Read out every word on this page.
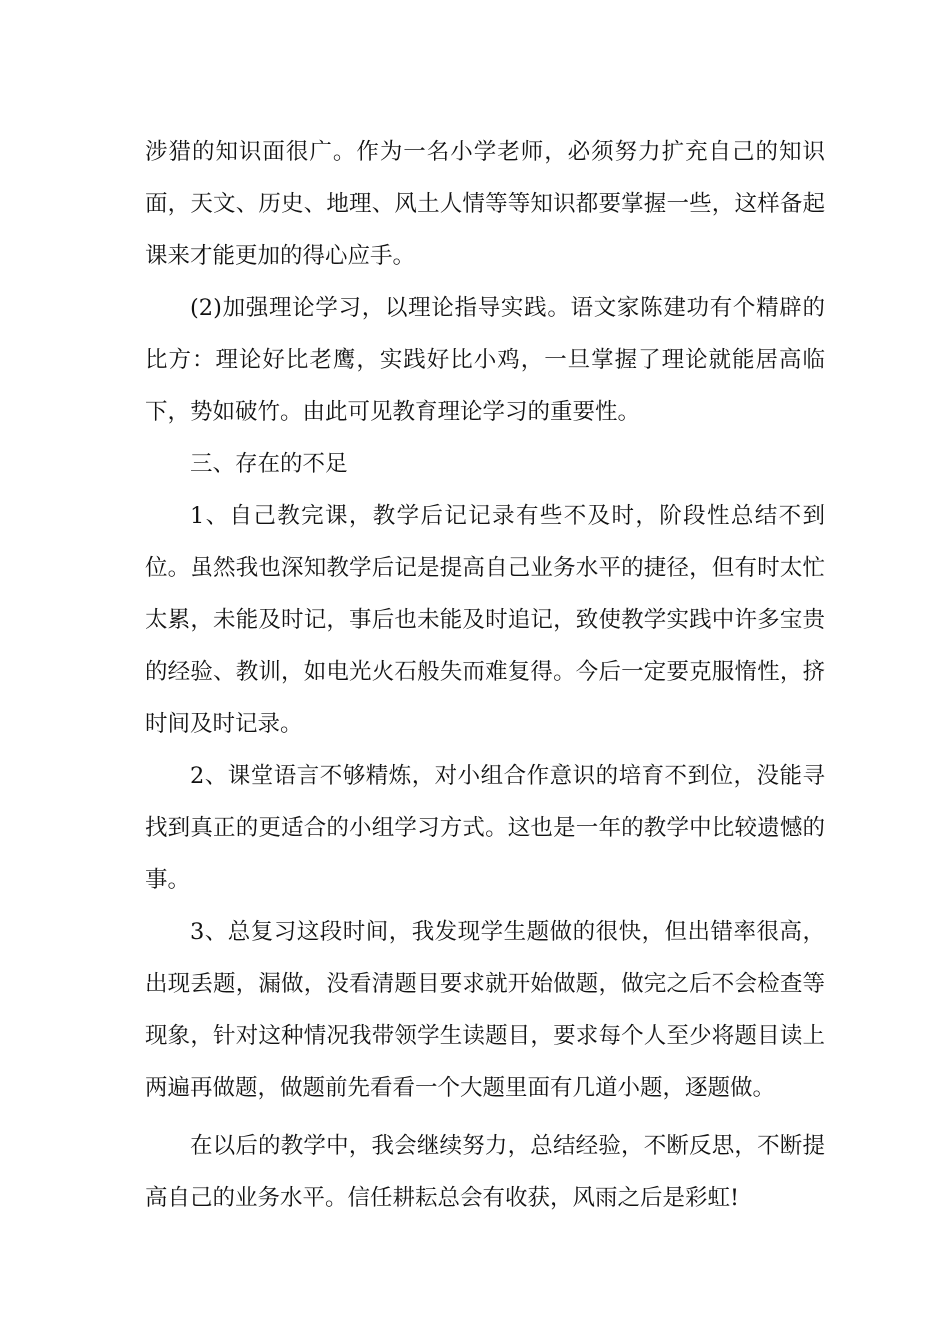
涉猎的知识面很广。作为一名小学老师，必须努力扩充自己的知识面，天文、历史、地理、风土人情等等知识都要掌握一些，这样备起课来才能更加的得心应手。

(2)加强理论学习，以理论指导实践。语文家陈建功有个精辟的比方：理论好比老鹰，实践好比小鸡，一旦掌握了理论就能居高临下，势如破竹。由此可见教育理论学习的重要性。

三、存在的不足

1、自己教完课，教学后记记录有些不及时，阶段性总结不到位。虽然我也深知教学后记是提高自己业务水平的捷径，但有时太忙太累，未能及时记，事后也未能及时追记，致使教学实践中许多宝贵的经验、教训，如电光火石般失而难复得。今后一定要克服惰性，挤时间及时记录。

2、课堂语言不够精炼，对小组合作意识的培育不到位，没能寻找到真正的更适合的小组学习方式。这也是一年的教学中比较遗憾的事。

3、总复习这段时间，我发现学生题做的很快，但出错率很高，出现丢题，漏做，没看清题目要求就开始做题，做完之后不会检查等现象，针对这种情况我带领学生读题目，要求每个人至少将题目读上两遍再做题，做题前先看看一个大题里面有几道小题，逐题做。

在以后的教学中，我会继续努力，总结经验，不断反思，不断提高自己的业务水平。信任耕耘总会有收获，风雨之后是彩虹!
